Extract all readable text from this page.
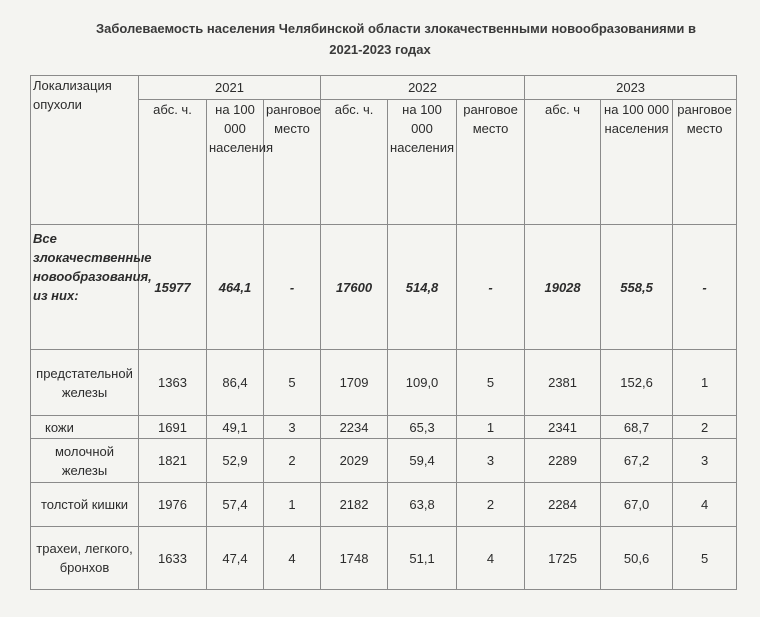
Заболеваемость населения Челябинской области злокачественными новообразованиями в
2021-2023 годах
Локализация опухоли	2021			2022			2023		
	абс. ч.	на 100 000 населения	ранговое место	абс. ч.	на 100 000 населения	ранговое место	абс. ч	на 100 000 населения	ранговое место
Все злокачественные новообразования, из них:	15977	464,1	-	17600	514,8	-	19028	558,5	-
предстательной железы	1363	86,4	5	1709	109,0	5	2381	152,6	1
кожи	1691	49,1	3	2234	65,3	1	2341	68,7	2
молочной железы	1821	52,9	2	2029	59,4	3	2289	67,2	3
толстой кишки	1976	57,4	1	2182	63,8	2	2284	67,0	4
трахеи, легкого, бронхов	1633	47,4	4	1748	51,1	4	1725	50,6	5
